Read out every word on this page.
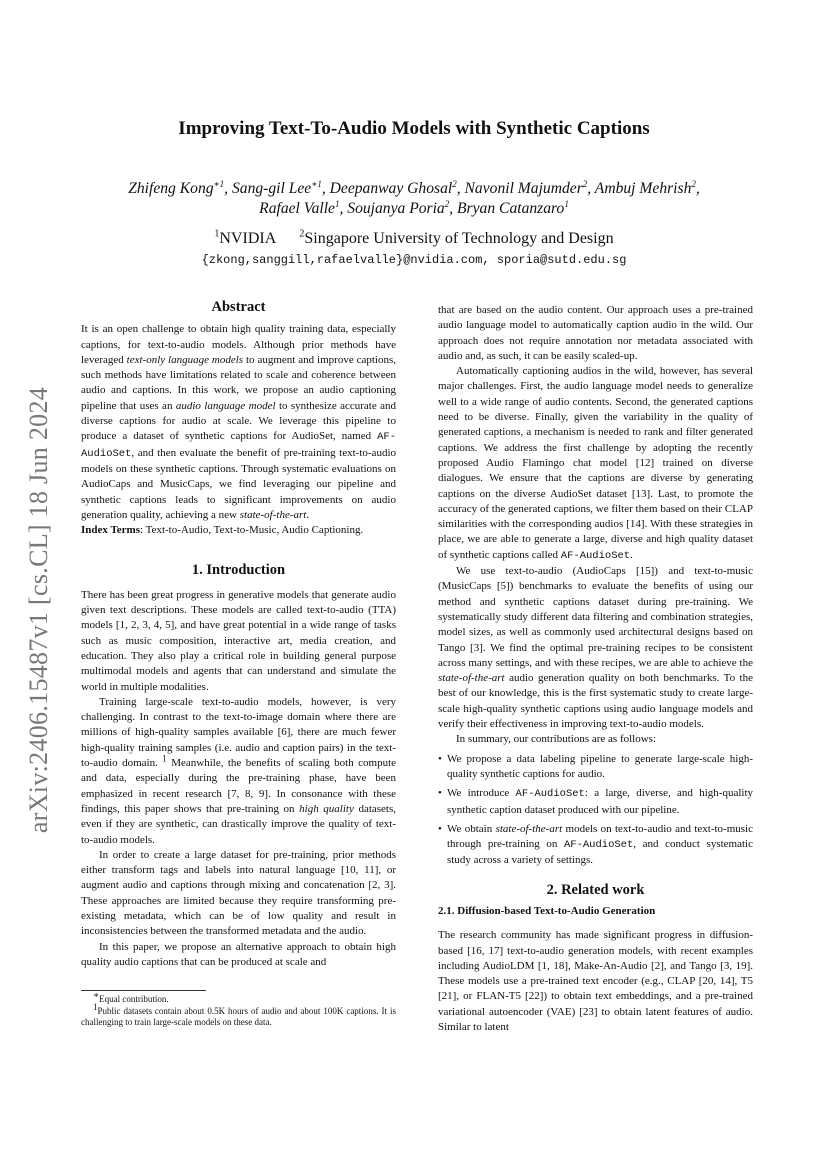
arXiv:2406.15487v1 [cs.CL] 18 Jun 2024
Improving Text-To-Audio Models with Synthetic Captions
Zhifeng Kong$^{∗1}$, Sang-gil Lee$^{∗1}$, Deepanway Ghosal$^2$, Navonil Majumder$^2$, Ambuj Mehrish$^2$,
Rafael Valle$^1$, Soujanya Poria$^2$, Bryan Catanzaro$^1$
$^1$NVIDIA $^2$Singapore University of Technology and Design
{zkong,sanggill,rafaelvalle}@nvidia.com, sporia@sutd.edu.sg
Abstract

It is an open challenge to obtain high quality training data, especially captions, for text-to-audio models. Although prior methods have leveraged text-only language models to augment and improve captions, such methods have limitations related to scale and coherence between audio and captions. In this work, we propose an audio captioning pipeline that uses an audio language model to synthesize accurate and diverse captions for audio at scale. We leverage this pipeline to produce a dataset of synthetic captions for AudioSet, named AF-AudioSet, and then evaluate the benefit of pre-training text-to-audio models on these synthetic captions. Through systematic evaluations on AudioCaps and MusicCaps, we find leveraging our pipeline and synthetic captions leads to significant improvements on audio generation quality, achieving a new state-of-the-art.

Index Terms: Text-to-Audio, Text-to-Music, Audio Captioning.

1. Introduction

There has been great progress in generative models that generate audio given text descriptions. These models are called text-to-audio (TTA) models [1, 2, 3, 4, 5], and have great potential in a wide range of tasks such as music composition, interactive art, media creation, and education. They also play a critical role in building general purpose multimodal models and agents that can understand and simulate the world in multiple modalities.

Training large-scale text-to-audio models, however, is very challenging. In contrast to the text-to-image domain where there are millions of high-quality samples available [6], there are much fewer high-quality training samples (i.e. audio and caption pairs) in the text-to-audio domain. $^1$ Meanwhile, the benefits of scaling both compute and data, especially during the pre-training phase, have been emphasized in recent research [7, 8, 9]. In consonance with these findings, this paper shows that pre-training on high quality datasets, even if they are synthetic, can drastically improve the quality of text-to-audio models.

In order to create a large dataset for pre-training, prior methods either transform tags and labels into natural language [10, 11], or augment audio and captions through mixing and concatenation [2, 3]. These approaches are limited because they require transforming pre-existing metadata, which can be of low quality and result in inconsistencies between the transformed metadata and the audio.

In this paper, we propose an alternative approach to obtain high quality audio captions that can be produced at scale and

∗Equal contribution.
$^1$Public datasets contain about 0.5K hours of audio and about 100K captions. It is challenging to train large-scale models on these data.

that are based on the audio content. Our approach uses a pre-trained audio language model to automatically caption audio in the wild. Our approach does not require annotation nor metadata associated with audio and, as such, it can be easily scaled-up.

Automatically captioning audios in the wild, however, has several major challenges. First, the audio language model needs to generalize well to a wide range of audio contents. Second, the generated captions need to be diverse. Finally, given the variability in the quality of generated captions, a mechanism is needed to rank and filter generated captions. We address the first challenge by adopting the recently proposed Audio Flamingo chat model [12] trained on diverse dialogues. We ensure that the captions are diverse by generating captions on the diverse AudioSet dataset [13]. Last, to promote the accuracy of the generated captions, we filter them based on their CLAP similarities with the corresponding audios [14]. With these strategies in place, we are able to generate a large, diverse and high quality dataset of synthetic captions called AF-AudioSet.

We use text-to-audio (AudioCaps [15]) and text-to-music (MusicCaps [5]) benchmarks to evaluate the benefits of using our method and synthetic captions dataset during pre-training. We systematically study different data filtering and combination strategies, model sizes, as well as commonly used architectural designs based on Tango [3]. We find the optimal pre-training recipes to be consistent across many settings, and with these recipes, we are able to achieve the state-of-the-art audio generation quality on both benchmarks. To the best of our knowledge, this is the first systematic study to create large-scale high-quality synthetic captions using audio language models and verify their effectiveness in improving text-to-audio models.

In summary, our contributions are as follows:

• We propose a data labeling pipeline to generate large-scale high-quality synthetic captions for audio.
• We introduce AF-AudioSet: a large, diverse, and high-quality synthetic caption dataset produced with our pipeline.
• We obtain state-of-the-art models on text-to-audio and text-to-music through pre-training on AF-AudioSet, and conduct systematic study across a variety of settings.
2. Related work
2.1. Diffusion-based Text-to-Audio Generation

The research community has made significant progress in diffusion-based [16, 17] text-to-audio generation models, with recent examples including AudioLDM [1, 18], Make-An-Audio [2], and Tango [3, 19]. These models use a pre-trained text encoder (e.g., CLAP [20, 14], T5 [21], or FLAN-T5 [22]) to obtain text embeddings, and a pre-trained variational autoencoder (VAE) [23] to obtain latent features of audio. Similar to latent
